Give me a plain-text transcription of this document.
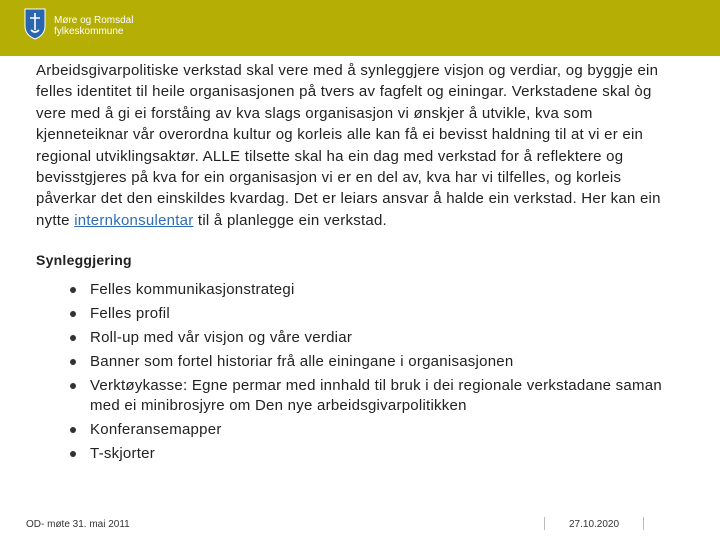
Møre og Romsdal
fylkeskommune

Arbeidsgivarpolitiske verkstad skal vere med å synleggjere visjon og verdiar, og byggje ein felles identitet til heile organisasjonen på tvers av fagfelt og einingar. Verkstadene skal òg vere med å gi ei forståing av kva slags organisasjon vi ønskjer å utvikle, kva som kjenneteiknar vår overordna kultur og korleis alle kan få ei bevisst haldning til at vi er ein regional utviklingsaktør. ALLE tilsette skal ha ein dag med verkstad for å reflektere og bevisstgjeres på kva for ein organisasjon vi er en del av, kva har vi tilfelles, og korleis påverkar det den einskildes kvardag. Det er leiars ansvar å halde ein verkstad. Her kan ein nytte internkonsulentar til å planlegge ein verkstad.

Synleggjering
Felles kommunikasjonstrategi
Felles profil
Roll-up med vår visjon og våre verdiar
Banner som fortel historiar frå alle einingane i organisasjonen
Verktøykasse: Egne permar med innhald til bruk i dei regionale verkstadane saman med ei minibrosjyre om Den nye arbeidsgivarpolitikken
Konferansemapper
T-skjorter
OD- møte 31. mai 2011	27.10.2020
